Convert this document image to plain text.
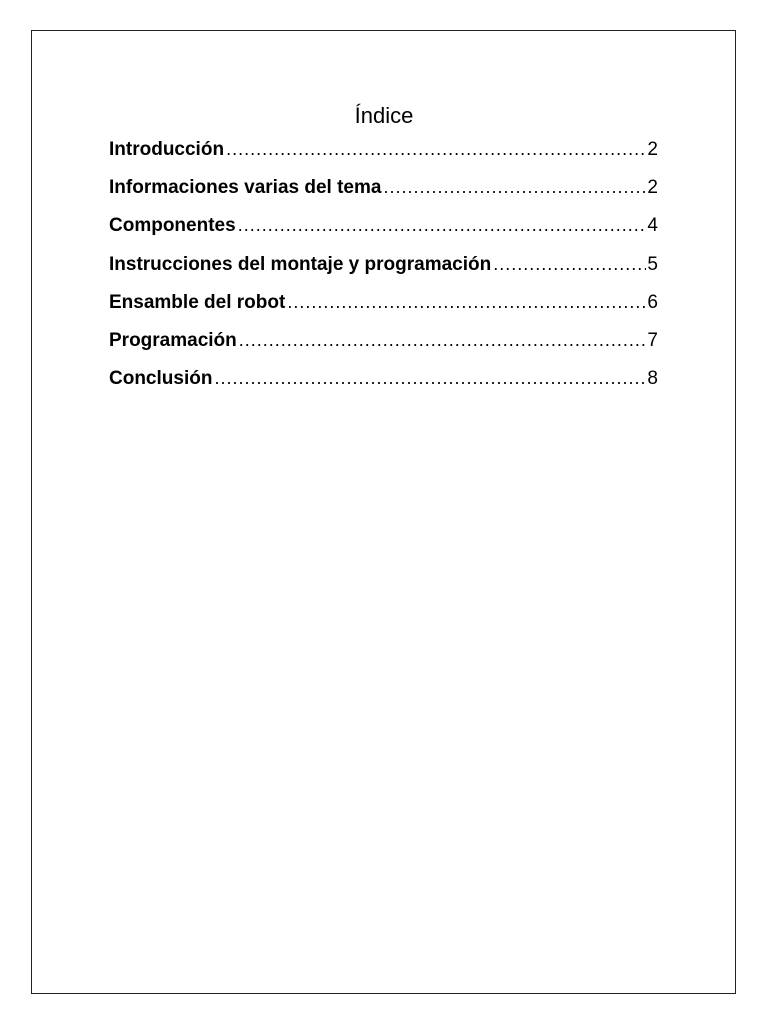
Índice
Introducción .....	2
Informaciones varias del tema .....	2
Componentes .....	4
Instrucciones del montaje y programación .....	5
Ensamble del robot .....	6
Programación .....	7
Conclusión .....	8
